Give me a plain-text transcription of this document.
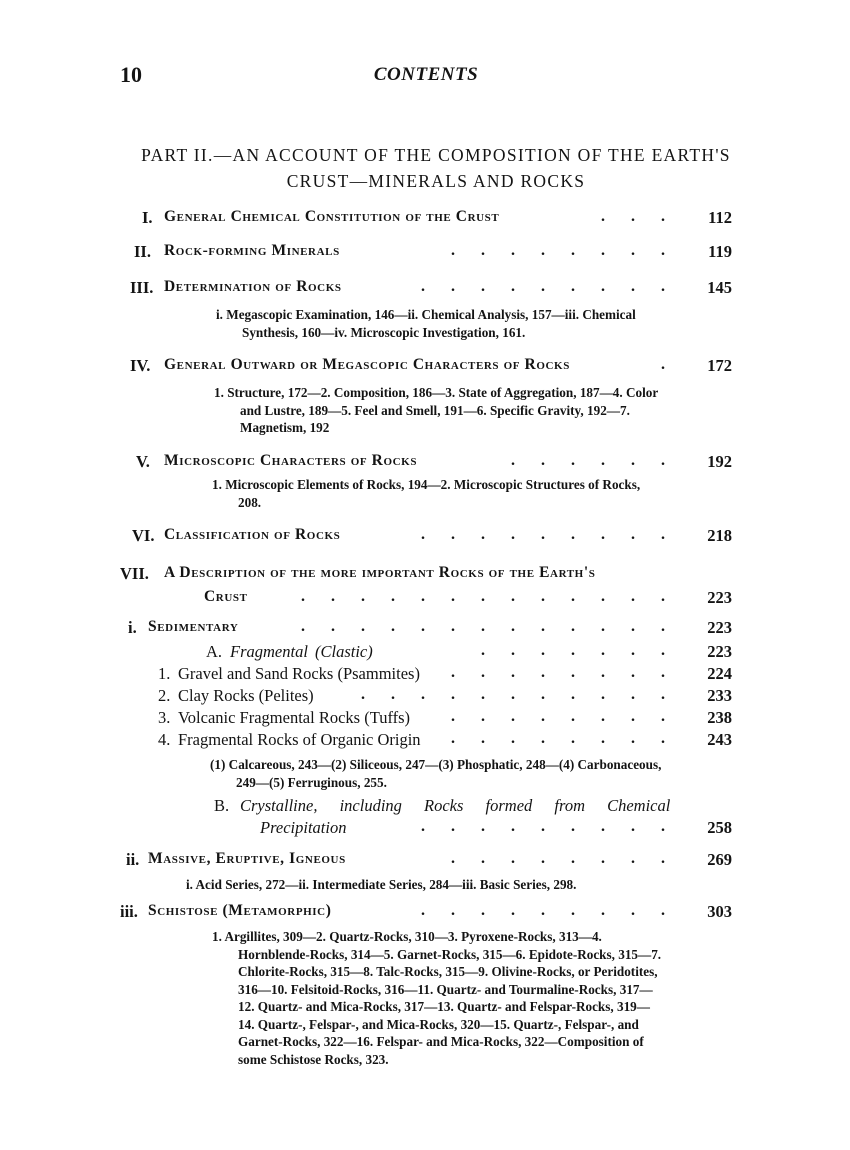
10	CONTENTS
PART II.—AN ACCOUNT OF THE COMPOSITION OF THE EARTH'S
CRUST—MINERALS AND ROCKS
I. General Chemical Constitution of the Crust	. . .	112
II. Rock-forming Minerals	. . . . . . . .	119
III. Determination of Rocks	. . . . . . . . .	145
i. Megascopic Examination, 146—ii. Chemical Analysis, 157—iii. Chemical Synthesis, 160—iv. Microscopic Investigation, 161.
IV. General Outward or Megascopic Characters of Rocks	.	172
1. Structure, 172—2. Composition, 186—3. State of Aggregation, 187—4. Color and Lustre, 189—5. Feel and Smell, 191—6. Specific Gravity, 192—7. Magnetism, 192
V. Microscopic Characters of Rocks	. . . . . .	192
1. Microscopic Elements of Rocks, 194—2. Microscopic Structures of Rocks, 208.
VI. Classification of Rocks	. . . . . . . . .	218
VII. A Description of the more important Rocks of the Earth's
Crust	. . . . . . . . . . . . .	223
i. Sedimentary	. . . . . . . . . . . . .	223
A. Fragmental (Clastic)	. . . . . . .	223
1. Gravel and Sand Rocks (Psammites) . . . . . . . .	224
2. Clay Rocks (Pelites)	. . . . . . . . . . .	233
3. Volcanic Fragmental Rocks (Tuffs)	. . . . . . . .	238
4. Fragmental Rocks of Organic Origin . . . . . . . .	243
(1) Calcareous, 243—(2) Siliceous, 247—(3) Phosphatic, 248—(4) Carbonaceous, 249—(5) Ferruginous, 255.
B. Crystalline, including Rocks formed from Chemical
Precipitation	. . . . . . . . .	258
ii. Massive, Eruptive, Igneous	. . . . . . . .	269
i. Acid Series, 272—ii. Intermediate Series, 284—iii. Basic Series, 298.
iii. Schistose (Metamorphic)	. . . . . . . . .	303
1. Argillites, 309—2. Quartz-Rocks, 310—3. Pyroxene-Rocks, 313—4. Hornblende-Rocks, 314—5. Garnet-Rocks, 315—6. Epidote-Rocks, 315—7. Chlorite-Rocks, 315—8. Talc-Rocks, 315—9. Olivine-Rocks, or Peridotites, 316—10. Felsitoid-Rocks, 316—11. Quartz- and Tourmaline-Rocks, 317—12. Quartz- and Mica-Rocks, 317—13. Quartz- and Felspar-Rocks, 319—14. Quartz-, Felspar-, and Mica-Rocks, 320—15. Quartz-, Felspar-, and Garnet-Rocks, 322—16. Felspar- and Mica-Rocks, 322—Composition of some Schistose Rocks, 323.
